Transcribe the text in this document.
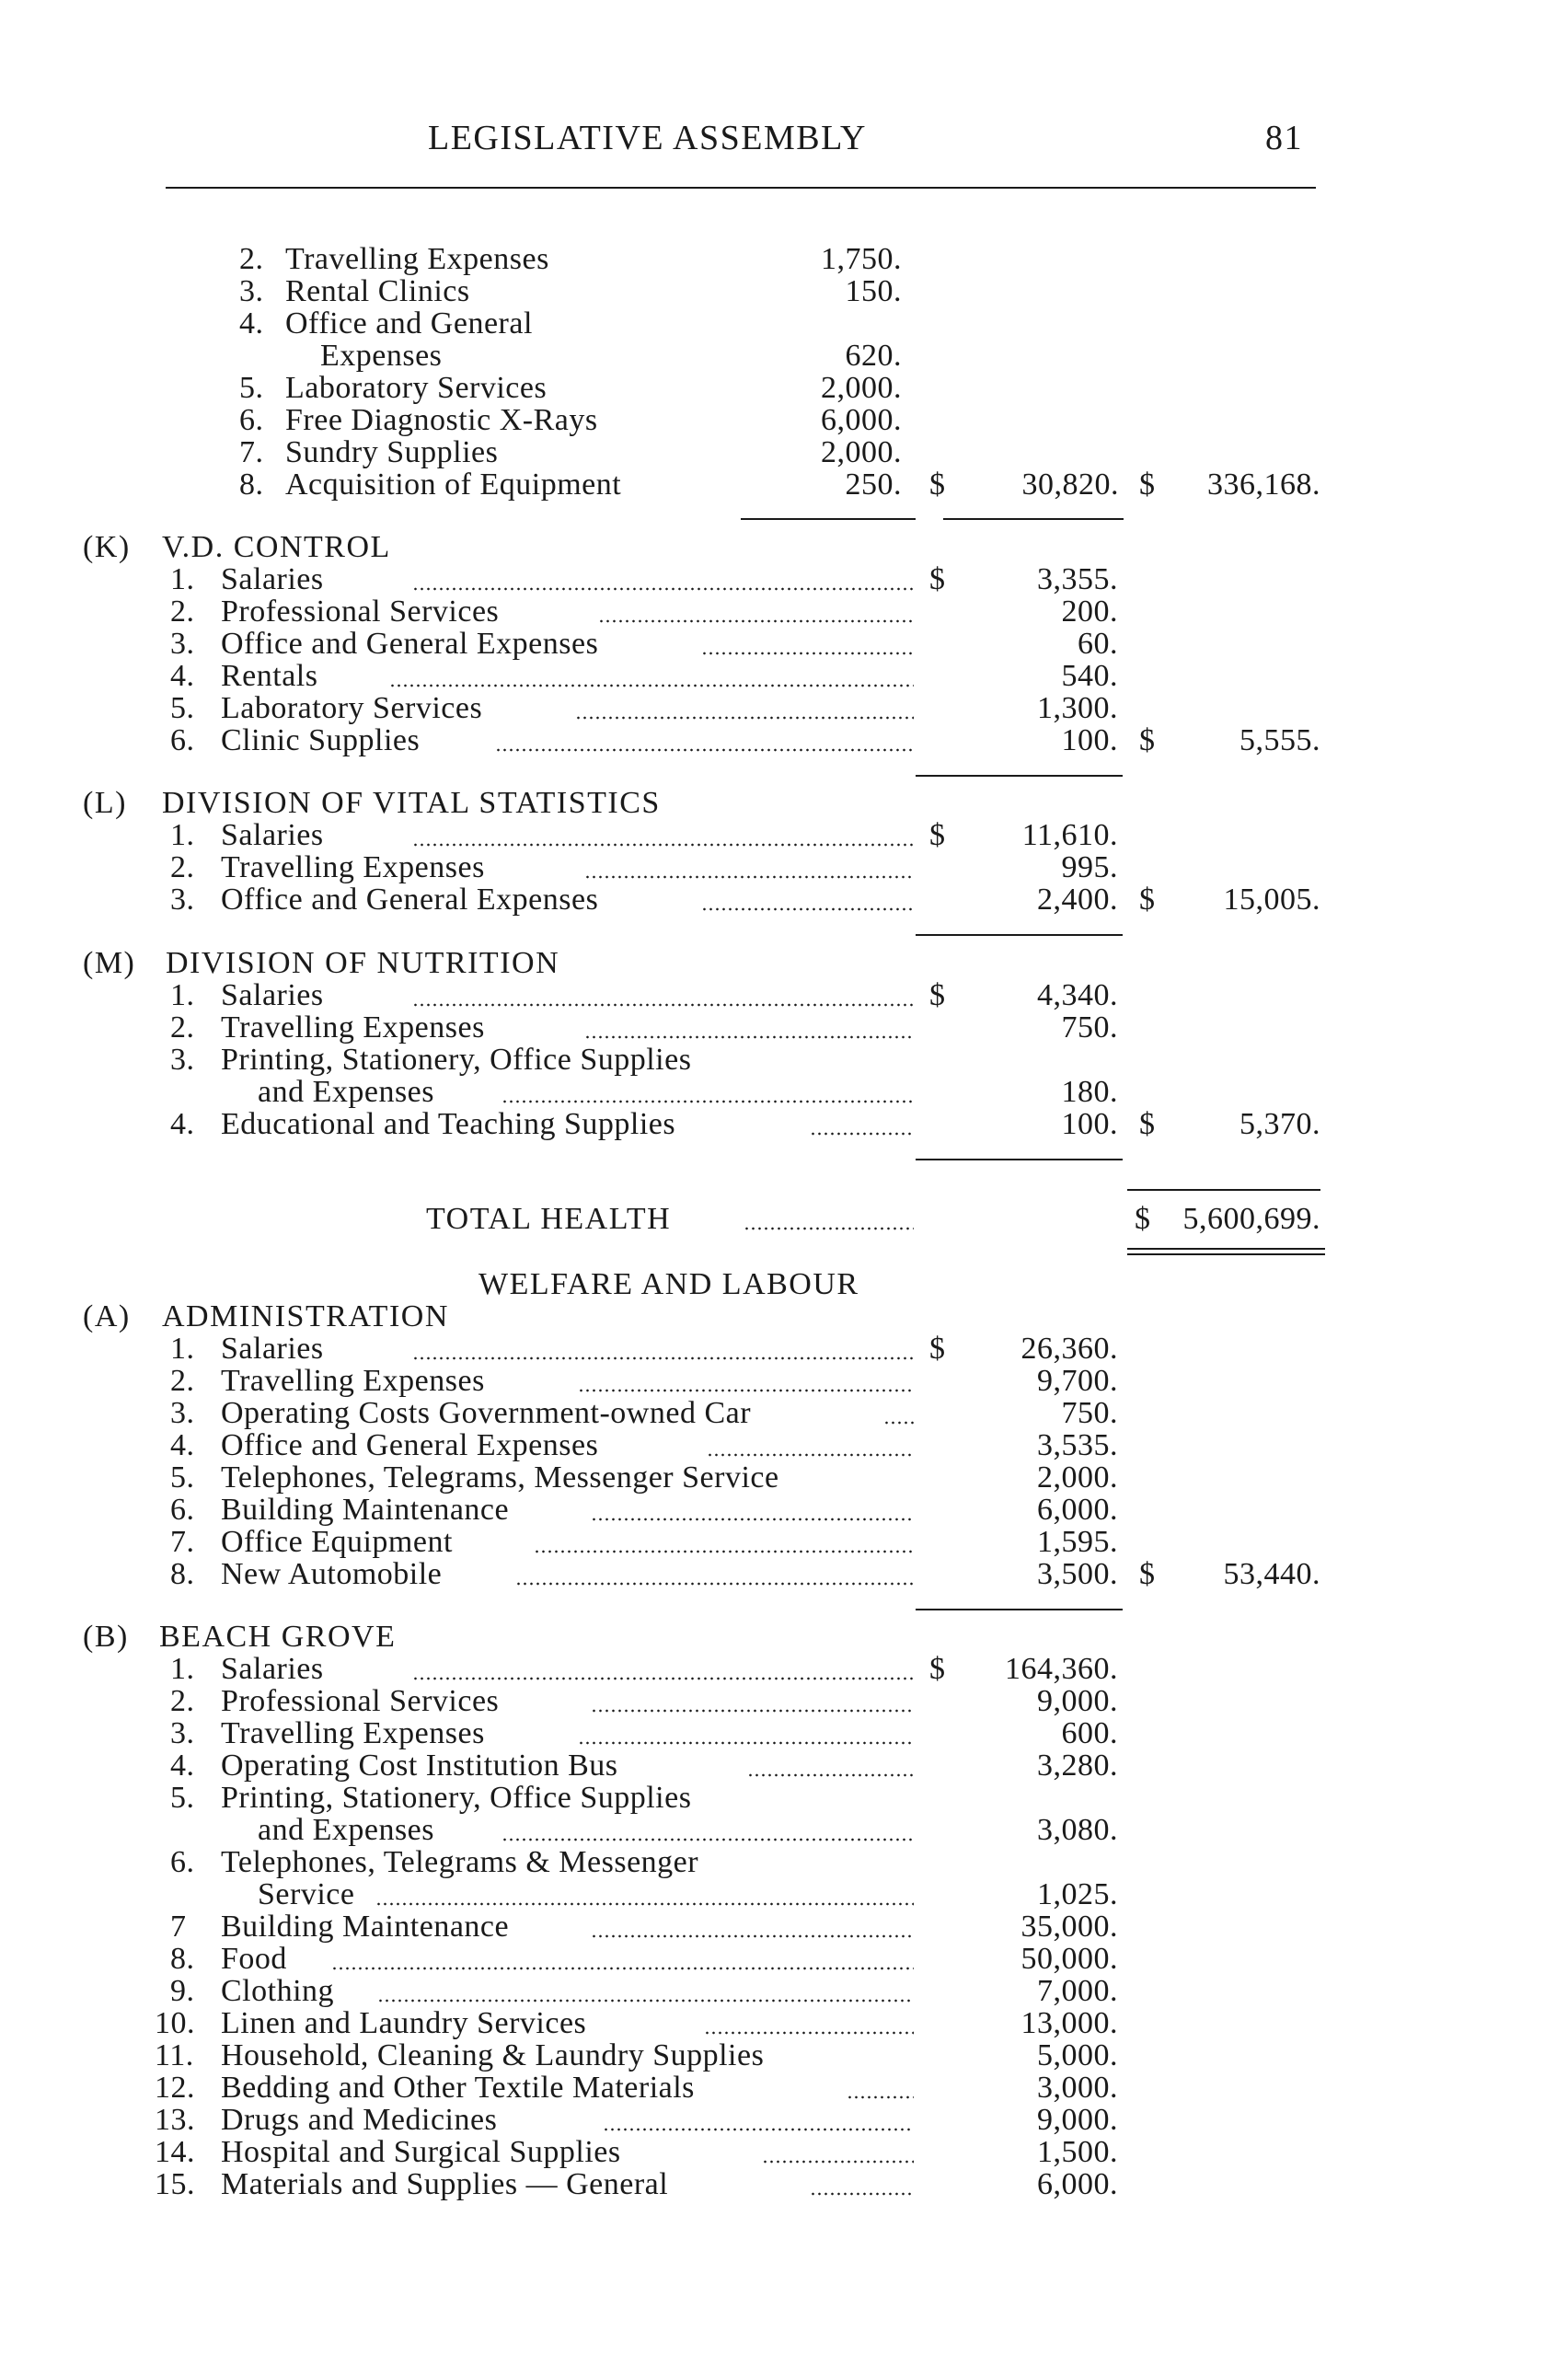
LEGISLATIVE ASSEMBLY	81
2. Travelling Expenses	1,750.
3. Rental Clinics	150.
4. Office and General
Expenses	620.
5. Laboratory Services	2,000.
6. Free Diagnostic X-Rays	6,000.
7. Sundry Supplies	2,000.
8. Acquisition of Equipment	250. $	30,820. $	336,168.
(K) V.D. CONTROL
1. Salaries	$	3,355.
2. Professional Services	200.
3. Office and General Expenses	60.
4. Rentals	540.
5. Laboratory Services	1,300.
6. Clinic Supplies	100. $	5,555.
(L) DIVISION OF VITAL STATISTICS
1. Salaries	$	11,610.
2. Travelling Expenses	995.
3. Office and General Expenses	2,400. $	15,005.
(M) DIVISION OF NUTRITION
1. Salaries	$	4,340.
2. Travelling Expenses	750.
3. Printing, Stationery, Office Supplies
and Expenses	180.
4. Educational and Teaching Supplies	100. $	5,370.
TOTAL HEALTH	$	5,600,699.
WELFARE AND LABOUR
(A) ADMINISTRATION
1. Salaries	$	26,360.
2. Travelling Expenses	9,700.
3. Operating Costs Government-owned Car	750.
4. Office and General Expenses	3,535.
5. Telephones, Telegrams, Messenger Service	2,000.
6. Building Maintenance	6,000.
7. Office Equipment	1,595.
8. New Automobile	3,500. $	53,440.
(B) BEACH GROVE
1. Salaries	$	164,360.
2. Professional Services	9,000.
3. Travelling Expenses	600.
4. Operating Cost Institution Bus	3,280.
5. Printing, Stationery, Office Supplies
and Expenses	3,080.
6. Telephones, Telegrams & Messenger
Service	1,025.
7 Building Maintenance	35,000.
8. Food	50,000.
9. Clothing	7,000.
10. Linen and Laundry Services	13,000.
11. Household, Cleaning & Laundry Supplies	5,000.
12. Bedding and Other Textile Materials	3,000.
13. Drugs and Medicines	9,000.
14. Hospital and Surgical Supplies	1,500.
15. Materials and Supplies — General	6,000.
